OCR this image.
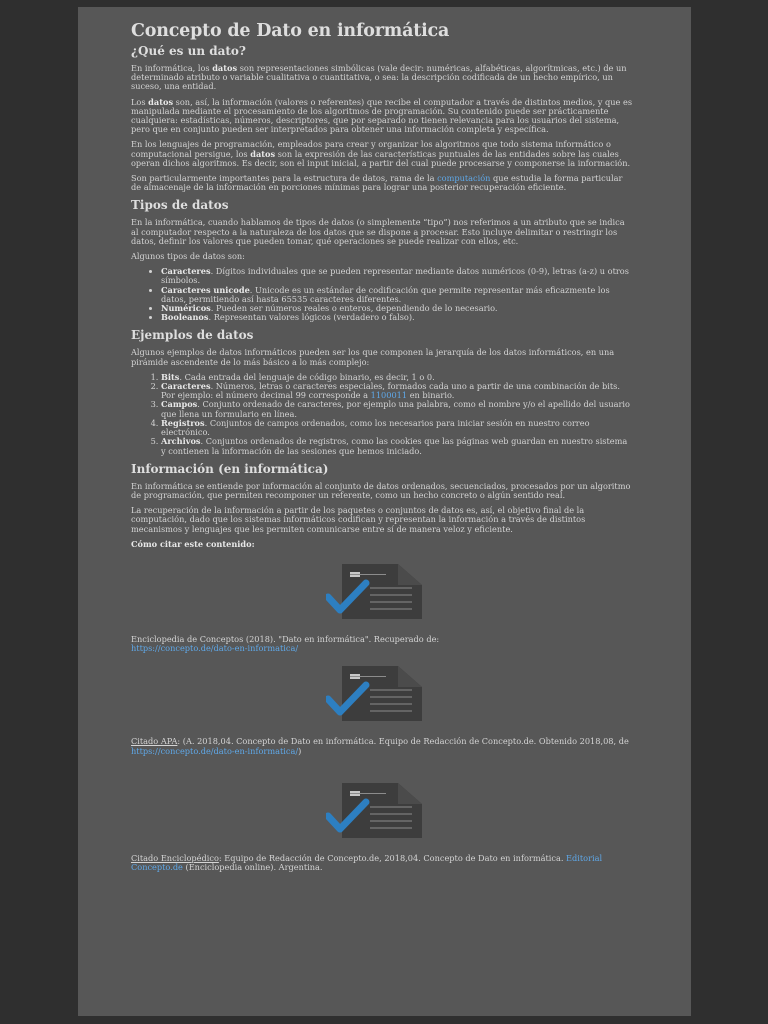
Concepto de Dato en informática
¿Qué es un dato?

En informática, los datos son representaciones simbólicas (vale decir: numéricas, alfabéticas, algorítmicas, etc.) de un determinado atributo o variable cualitativa o cuantitativa, o sea: la descripción codificada de un hecho empírico, un suceso, una entidad.

Los datos son, así, la información (valores o referentes) que recibe el computador a través de distintos medios, y que es manipulada mediante el procesamiento de los algoritmos de programación. Su contenido puede ser prácticamente cualquiera: estadísticas, números, descriptores, que por separado no tienen relevancia para los usuarios del sistema, pero que en conjunto pueden ser interpretados para obtener una información completa y específica.

En los lenguajes de programación, empleados para crear y organizar los algoritmos que todo sistema informático o computacional persigue, los datos son la expresión de las características puntuales de las entidades sobre las cuales operan dichos algoritmos. Es decir, son el input inicial, a partir del cual puede procesarse y componerse la información.

Son particularmente importantes para la estructura de datos, rama de la computación que estudia la forma particular de almacenaje de la información en porciones mínimas para lograr una posterior recuperación eficiente.

Tipos de datos

En la informática, cuando hablamos de tipos de datos (o simplemente “tipo”) nos referimos a un atributo que se indica al computador respecto a la naturaleza de los datos que se dispone a procesar. Esto incluye delimitar o restringir los datos, definir los valores que pueden tomar, qué operaciones se puede realizar con ellos, etc.

Algunos tipos de datos son:

• Caracteres. Dígitos individuales que se pueden representar mediante datos numéricos (0-9), letras (a-z) u otros símbolos.
• Caracteres unicode. Unicode es un estándar de codificación que permite representar más eficazmente los datos, permitiendo así hasta 65535 caracteres diferentes.
• Numéricos. Pueden ser números reales o enteros, dependiendo de lo necesario.
• Booleanos. Representan valores lógicos (verdadero o falso).
Ejemplos de datos

Algunos ejemplos de datos informáticos pueden ser los que componen la jerarquía de los datos informáticos, en una pirámide ascendente de lo más básico a lo más complejo:

1. Bits. Cada entrada del lenguaje de código binario, es decir, 1 o 0.
2. Caracteres. Números, letras o caracteres especiales, formados cada uno a partir de una combinación de bits. Por ejemplo: el número decimal 99 corresponde a 1100011 en binario.
3. Campos. Conjunto ordenado de caracteres, por ejemplo una palabra, como el nombre y/o el apellido del usuario que llena un formulario en línea.
4. Registros. Conjuntos de campos ordenados, como los necesarios para iniciar sesión en nuestro correo electrónico.
5. Archivos. Conjuntos ordenados de registros, como las cookies que las páginas web guardan en nuestro sistema y contienen la información de las sesiones que hemos iniciado.
Información (en informática)

En informática se entiende por información al conjunto de datos ordenados, secuenciados, procesados por un algoritmo de programación, que permiten recomponer un referente, como un hecho concreto o algún sentido real.

La recuperación de la información a partir de los paquetes o conjuntos de datos es, así, el objetivo final de la computación, dado que los sistemas informáticos codifican y representan la información a través de distintos mecanismos y lenguajes que les permiten comunicarse entre sí de manera veloz y eficiente.

Cómo citar este contenido:

Enciclopedia de Conceptos (2018). "Dato en informática". Recuperado de:
https://concepto.de/dato-en-informatica/

Citado APA: (A. 2018,04. Concepto de Dato en informática. Equipo de Redacción de Concepto.de. Obtenido 2018,08, de https://concepto.de/dato-en-informatica/)

Citado Enciclopédico: Equipo de Redacción de Concepto.de, 2018,04. Concepto de Dato en informática. Editorial Concepto.de (Enciclopedia online). Argentina.
